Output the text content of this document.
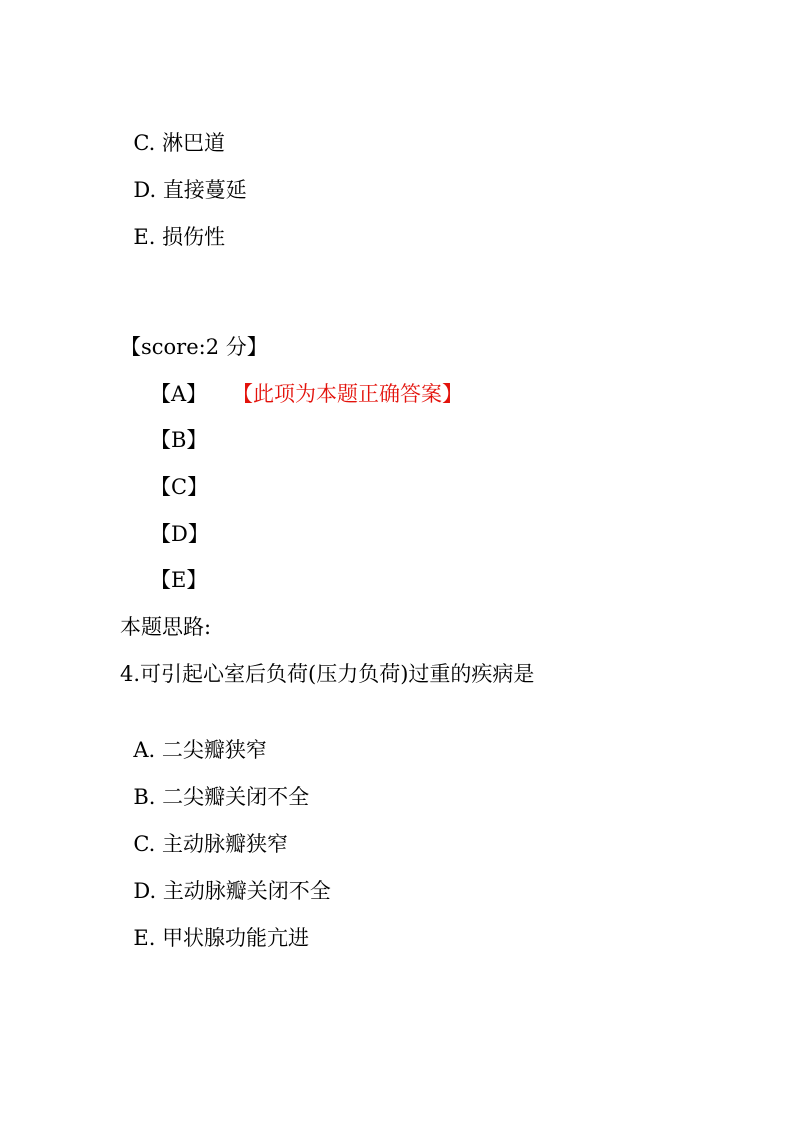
C. 淋巴道

D. 直接蔓延

E. 损伤性

【score:2 分】
【A】 【此项为本题正确答案】
【B】
【C】
【D】
【E】
本题思路:
4.可引起心室后负荷(压力负荷)过重的疾病是

A. 二尖瓣狭窄

B. 二尖瓣关闭不全

C. 主动脉瓣狭窄

D. 主动脉瓣关闭不全

E. 甲状腺功能亢进
